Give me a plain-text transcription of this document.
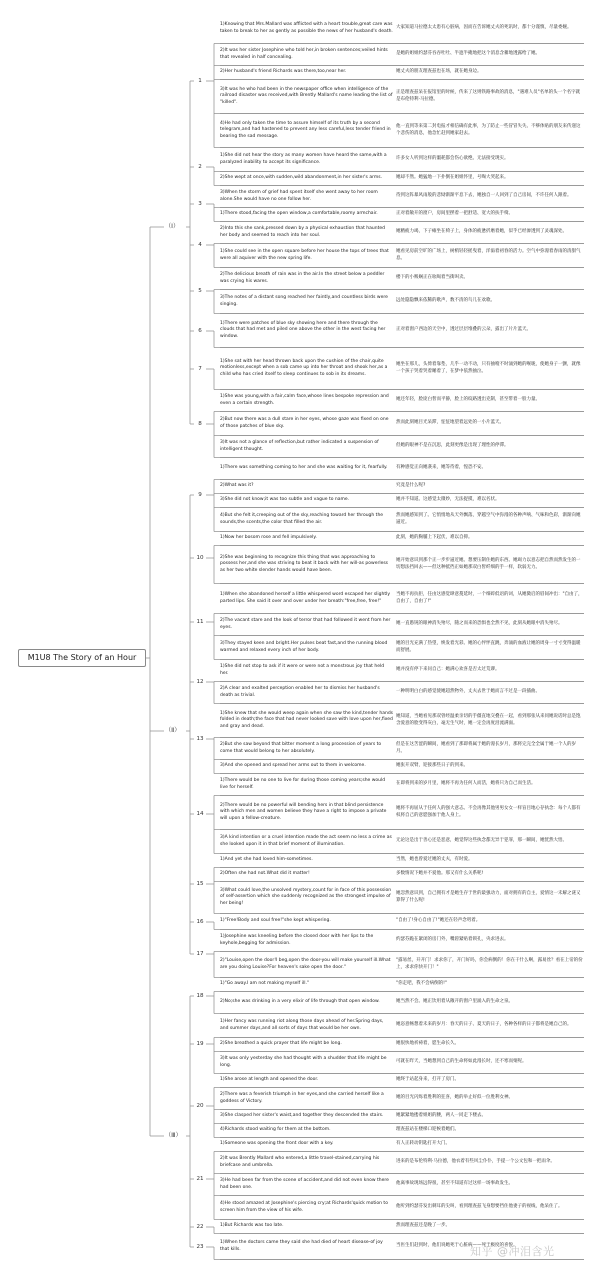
M1U8 The Story of an Hour
（Ⅰ）
1
1)Knowing that Mrs.Mallard was afflicted with a heart trouble,great care was taken to break to her as gently as possible the news of her husband's death.
大家知道马拉德太太患有心脏病，因而在告诉她丈夫的死讯时，都十分谨慎，尽量委婉。
2)It was her sister Josephine who told her,in broken sentences;veiled hints that revealed in half concealing.
是她的姐姐约瑟芬吞吞吐吐、半遮半掩地把这个消息含蓄地透露给了她。
2)Her husband's friend Richards was there,too,near her.	她丈夫的朋友理查兹也在场，就在她身边。
3)It was he who had been in the newspaper office when intelligence of the railroad disaster was received,with Brently Mallard's name leading the list of "killed".
正是理查兹呆在报馆里的时候，传来了这则铁路事故的消息，"遇难人员"名单的头一个名字就是布伦特利·马拉德。
4)He had only taken the time to assure himself of its truth by a second telegram,and had hastened to prevent any less careful,less tender friend in bearing the sad message.
他一直到等来第二封电报才相信确有此事，为了防止一些冒冒失失、不够体贴的朋友来传递这个悲伤的消息，他急忙赶到她家赶去。
2
1)She did not hear the story as many women have heard the same,with a paralyzed inability to accept its significance.
许多女人听到这样的噩耗都会伤心欲绝、无法接受现实。
2)She wept at once,with sudden,wild abandonment,in her sister's arms.	她却不然。她猛地一下扑倒在姐姐怀里，号啕大哭起来。
3
3)When the storm of grief had spent itself she went away to her room alone.She would have no one follow her.
待到这阵暴风雨般的悲恸渐渐平息下去，她独自一人回到了自己房间，不许任何人跟着。
1)There stood,facing the open window,a comfortable,roomy armchair.	正对着敞开的窗户，房间里摆着一把舒适、宽大的扶手椅。
4
2)Into this she sank,pressed down by a physical exhaustion that haunted her body and seemed to reach into her soul.
她精疲力竭，下子瘫坐在椅子上，身体的疲惫折磨着她，似乎已经渗透到了灵魂深处。
1)She could see in the open square before her house the tops of trees that were all aquiver with the new spring life.
她看见房前空旷的广场上，树梢轻轻摇曳着，洋溢着初春的活力。空气中弥漫着春雨的清甜气息。
5
2)The delicious breath of rain was in the air.In the street below a peddler was crying his wares.
楼下的小贩娴正在吆喝着当街叫卖。
3)The notes of a distant song reached her faintly,and countless birds were singing.
远处隐隐飘来依稀的歌声，数不清的鸟儿在欢歌。
6
1)There were patches of blue sky showing here and there through the clouds that had met and piled one above the other in the west facing her window.
正对着窗户西边的天空中，透过层层堆叠的云朵，露出了片片蓝天。
7
1)She sat with her head thrown back upon the cushion of the chair,quite motionless,except when a sob came up into her throat and shook her,as a child who has cried itself to sleep continues to sob in its dreams.
她坐在那儿，头倚着靠垫，几乎一动不动，只有抽噎不时涌到她的喉咙，使她身子一颤，就像一个孩子哭着哭着睡着了，在梦中依然抽泣。
8
1)She was young,with a fair,calm face,whose lines bespoke repression and even a certain strength.
她还年轻，脸庞白皙而平静，脸上的纹路透出克制，甚至带着一股力量。
2)But now there was a dull stare in her eyes, whose gaze was fixed on one of those patches of blue sky.
然而此刻她目光呆滞，怔怔地望着远处的一小片蓝天。
3)It was not a glance of reflection,but rather indicated a suspension of intelligent thought.
但她的眼神不是在沉思，此刻更像是出现了理性的停滞。
（Ⅱ）
9
1)There was something coming to her and she was waiting for it, fearfully.	有种感觉正向她袭来，她等待着，惶恐不安。
2)What was it?	究竟是什么呢?
3)She did not know;it was too subtle and vague to name.	她并不知道。这感觉太微妙，无法捉摸，难以名状。
4)But she felt it,creeping out of the sky,reaching toward her through the sounds,the scents,the color that filled the air.
然而她感知到了。它悄悄地从天外飘落，穿越空气中弥漫的各种声响、气味和色彩，渐渐向她逼近。
10
1)Now her bosom rose and fell impulsively.	此刻，她的胸脯上下起伏，难以自抑。
2)She was beginning to recognize this thing that was approaching to possess her,and she was striving to beat it back with her will-as powerless as her two white slender hands would have been.
她开始意识到那个正一步步逼近她、想要压制住她的东西。她竭力以意志把自然而然发生的一切想法挡回去——但这种抵挡正如她那双白皙纤细的手一样，软弱无力。
11
1)When she abandoned herself a little whispered word escaped her slightly parted lips. She said it over and over under her breath:"free,free, free!"
当她不再抗拒，任由这感觉肆意蔓延时，一个细碎低语的词，从她微启的唇间冲出："自由了，自由了，自由了!"
2)The vacant stare and the look of terror that had followed it went from her eyes.
她一直愚钝的眼神消失殆尽，随之而来的恐惧也全然不见，此刻从她眼中消失殆尽。
3)They stayed keen and bright.Her pulses beat fast,and the running blood warmed and relaxed every inch of her body.
她的目光充满了热望，焕发着光彩。她的心怦怦直跳，奔涌的血液让她的周身一寸寸变得温暖而舒展。
12
1)She did not stop to ask if it were or were not a monstrous joy that held her.
她并没有停下来问自己：她满心欢喜是否太过荒谬。
2)A clear and exalted perception enabled her to dismiss her husband's death as trivial.
一种明明白白的感觉使她超然物外，丈夫去世于她而言不过是一段插曲。
13
1)She knew that she would weep again when she saw the kind,tender hands folded in death;the face that had never looked save with love upon her,fixed and gray and dead.
她知道，当她看见那双曾经温柔亲切的手僵直地交叠在一起，看到那张从来同她说话时总是饱含爱意的脸变得灰白，毫无生气时，她一定会再度泪流满面。
2)But she saw beyond that bitter moment a long procession of years to come that would belong to her absolutely.
但是在这苦涩的瞬间，她看到了那即将属于她的漫长岁月，那将完完全全属于她一个人的岁月。
3)And she opened and spread her arms out to them in welcome.	她张开双臂，迎接那些日子的到来。
14
1)There would be no one to live for during those coming years;she would live for herself.
在即将到来的岁月里，她将不再为任何人而活，她将只为自己而生活。
2)There would be no powerful will bending hers in that blind persistence with which men and women believe they have a right to impose a private will upon a fellow-creature.
她将不再屈从于任何人的强大意志。不会再像其他男男女女一样盲目地心存执念：每个人都有权将自己的意愿强加于他人身上。
3)A kind intention or a cruel intention made the act seem no less a crime as she looked upon it in that brief moment of illumination.
无论这是出于善心还是恶意，她觉得这些执念都无异于犯罪，那一瞬间，她恍然大悟。
15
1)And yet she had loved him-sometimes.	当然，她也曾爱过她的丈夫，有时爱。
2)Often she had not.What did it matter!	多数情况下她并不爱他。那又有什么关系呢!
3)What could love,the unsolved mystery,count for in face of this possession of self-assertion which she suddenly recognized as the strongest impulse of her being!
她忽然意识到，自己拥有才是她生存于世的最强动力，面对拥有的自主，爱情这一未解之谜又算得了什么呢!
16	1)"Free!Body and soul free!"she kept whispering.	"自由了!身心自由了!"她还在轻声念叨着。
17
1)Josephine was kneeling before the closed door with her lips to the keyhole,begging for admission.
约瑟芬跪在紧闭的房门外，嘴唇紧贴着锁孔，央求进去。
2)"Louise,open the door!I beg,open the door-you will make yourself ill.What are you doing Louise?For heaven's sake open the door."
"露易丝，开开门！求求你了，开门好吗，你会病倒的！你在干什么啊，露易丝？看在上帝的份上，求求你快开门！"
（Ⅲ）
18
1)"Go away.I am not making myself ill."	"你走吧，我不会病倒的!"
2)No;she was drinking in a very elixir of life through that open window.	她当然不会。她正饮用着从敞开的窗户里涌入的生命之泉。
19
1)Her fancy was running riot along those days ahead of her.Spring days, and summer days,and all sorts of days that would be her own.
她恣意畅想着未来的岁月：春天的日子、夏天的日子，各种各样的日子都将是她自己的。
2)She breathed a quick prayer that life might be long.	她很快地祈祷着，愿生命长久。
3)It was only yesterday she had thought with a shudder that life might be long.
可就在昨天，当她想到自己的生命将如此漫长时，还不寒而栗呢。
20
1)She arose at length and opened the door.	她终于站起身来，打开了房门。
2)There was a feverish triumph in her eyes,and she carried herself like a goddess of Victory.
她的目光闪烁着胜利的狂喜，她的举止好似一位胜利女神。
3)She clasped her sister's waist,and together they descended the stairs.	她紧紧地搂着姐姐的腰，两人一同走下楼去。
4)Richards stood waiting for them at the bottom.	理查兹站在楼梯口迎候着她们。
21
1)Someone was opening the front door with a key.	有人正转动钥匙打开大门。
2)It was Brently Mallard who entered,a little travel-stained,carrying his briefcase and umbrella.
进来的是布伦特利·马拉德，他衣着有些风尘仆仆，手提一个公文包和一把雨伞。
3)He had been far from the scene of accident,and did not even know there had been one.
他离事故现场远得很，甚至不知道有过这样一场事故发生。
4)He stood amazed at Josephine's piercing cry;at Richards'quick motion to screen him from the view of his wife.
他听到约瑟芬发出刺耳的尖叫，看到理查兹飞身想要挡住他妻子的视线，他呆住了。
22	1)But Richards was too late.	然而理查兹还是晚了一步。
23
1)When the doctors came they said she had died of heart disease-of joy that kills.
当医生们赶到时，他们说她死于心脏病——死于极度的喜悦。
知乎 @冲泪含光
